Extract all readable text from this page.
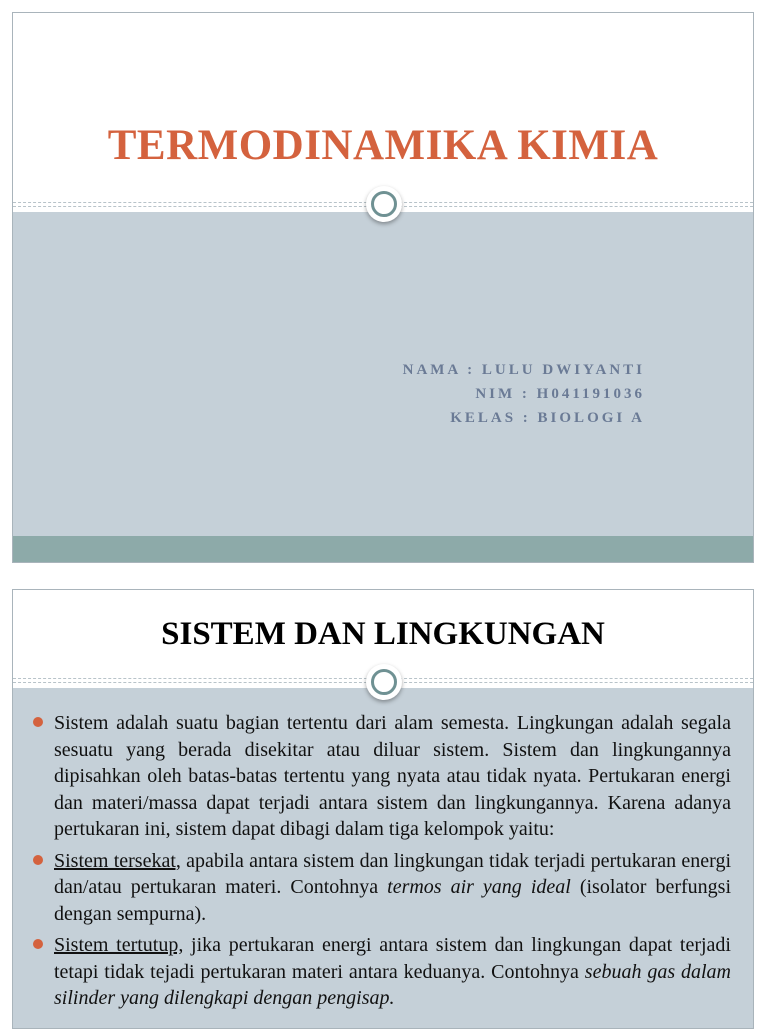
TERMODINAMIKA KIMIA
NAMA : LULU DWIYANTI
NIM : H041191036
KELAS : BIOLOGI A
SISTEM DAN LINGKUNGAN
Sistem adalah suatu bagian tertentu dari alam semesta. Lingkungan adalah segala sesuatu yang berada disekitar atau diluar sistem. Sistem dan lingkungannya dipisahkan oleh batas-batas tertentu yang nyata atau tidak nyata. Pertukaran energi dan materi/massa dapat terjadi antara sistem dan lingkungannya. Karena adanya pertukaran ini, sistem dapat dibagi dalam tiga kelompok yaitu:
Sistem tersekat, apabila antara sistem dan lingkungan tidak terjadi pertukaran energi dan/atau pertukaran materi. Contohnya termos air yang ideal (isolator berfungsi dengan sempurna).
Sistem tertutup, jika pertukaran energi antara sistem dan lingkungan dapat terjadi tetapi tidak tejadi pertukaran materi antara keduanya. Contohnya sebuah gas dalam silinder yang dilengkapi dengan pengisap.
